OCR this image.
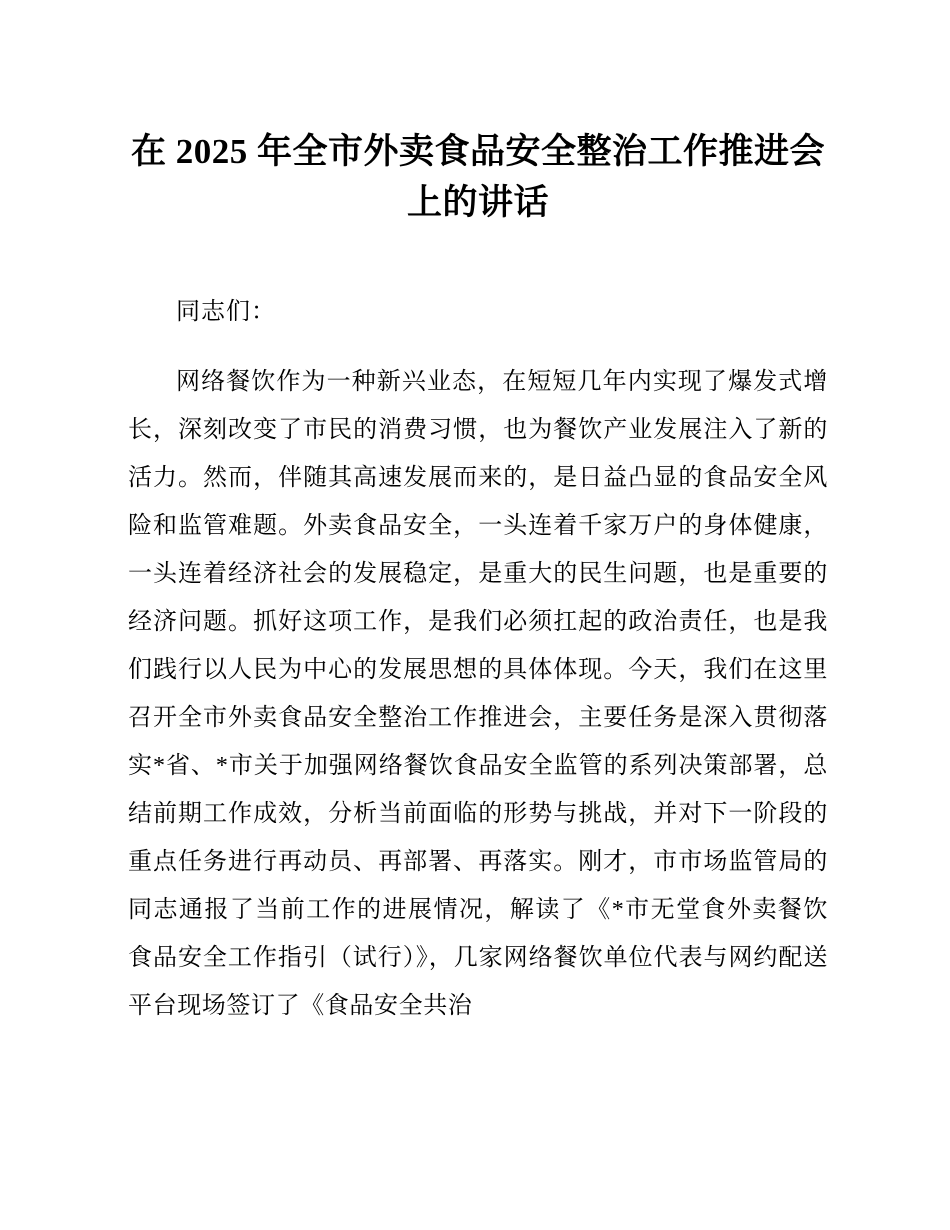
在 2025 年全市外卖食品安全整治工作推进会上的讲话

同志们：

网络餐饮作为一种新兴业态，在短短几年内实现了爆发式增长，深刻改变了市民的消费习惯，也为餐饮产业发展注入了新的活力。然而，伴随其高速发展而来的，是日益凸显的食品安全风险和监管难题。外卖食品安全，一头连着千家万户的身体健康，一头连着经济社会的发展稳定，是重大的民生问题，也是重要的经济问题。抓好这项工作，是我们必须扛起的政治责任，也是我们践行以人民为中心的发展思想的具体体现。今天，我们在这里召开全市外卖食品安全整治工作推进会，主要任务是深入贯彻落实*省、*市关于加强网络餐饮食品安全监管的系列决策部署，总结前期工作成效，分析当前面临的形势与挑战，并对下一阶段的重点任务进行再动员、再部署、再落实。刚才，市市场监管局的同志通报了当前工作的进展情况，解读了《*市无堂食外卖餐饮食品安全工作指引（试行）》，几家网络餐饮单位代表与网约配送平台现场签订了《食品安全共治
